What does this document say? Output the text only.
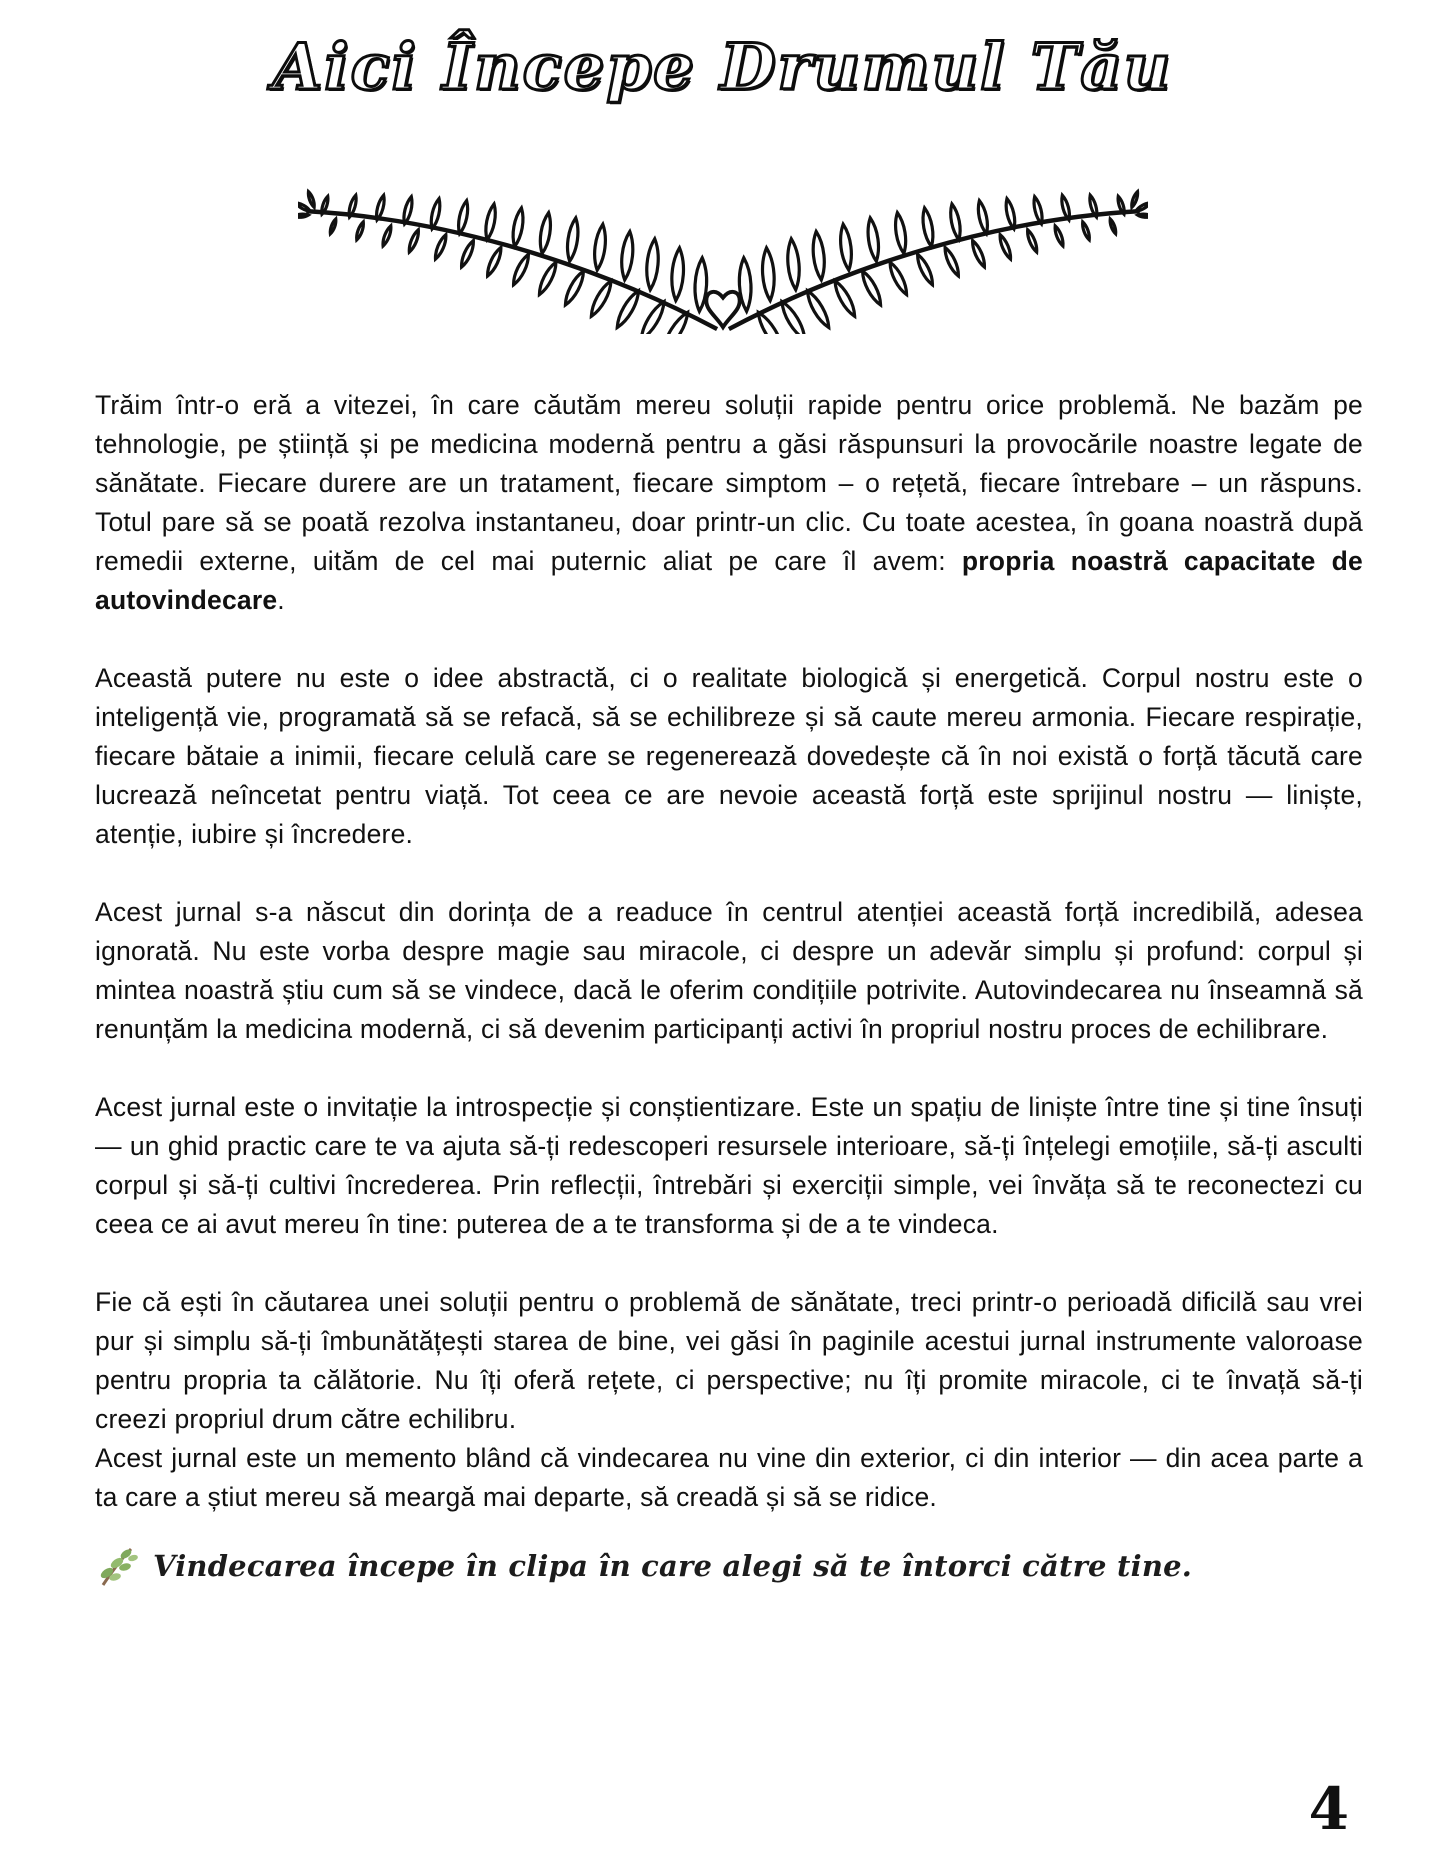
Aici Începe Drumul Tău

Trăim într-o eră a vitezei, în care căutăm mereu soluții rapide pentru orice problemă. Ne bazăm pe tehnologie, pe știință și pe medicina modernă pentru a găsi răspunsuri la provocările noastre legate de sănătate. Fiecare durere are un tratament, fiecare simptom – o rețetă, fiecare întrebare – un răspuns. Totul pare să se poată rezolva instantaneu, doar printr-un clic. Cu toate acestea, în goana noastră după remedii externe, uităm de cel mai puternic aliat pe care îl avem: propria noastră capacitate de autovindecare.

Această putere nu este o idee abstractă, ci o realitate biologică și energetică. Corpul nostru este o inteligență vie, programată să se refacă, să se echilibreze și să caute mereu armonia. Fiecare respirație, fiecare bătaie a inimii, fiecare celulă care se regenerează dovedește că în noi există o forță tăcută care lucrează neîncetat pentru viață. Tot ceea ce are nevoie această forță este sprijinul nostru — liniște, atenție, iubire și încredere.

Acest jurnal s-a născut din dorința de a readuce în centrul atenției această forță incredibilă, adesea ignorată. Nu este vorba despre magie sau miracole, ci despre un adevăr simplu și profund: corpul și mintea noastră știu cum să se vindece, dacă le oferim condițiile potrivite. Autovindecarea nu înseamnă să renunțăm la medicina modernă, ci să devenim participanți activi în propriul nostru proces de echilibrare.

Acest jurnal este o invitație la introspecție și conștientizare. Este un spațiu de liniște între tine și tine însuți — un ghid practic care te va ajuta să-ți redescoperi resursele interioare, să-ți înțelegi emoțiile, să-ți asculti corpul și să-ți cultivi încrederea. Prin reflecții, întrebări și exerciții simple, vei învăța să te reconectezi cu ceea ce ai avut mereu în tine: puterea de a te transforma și de a te vindeca.

Fie că ești în căutarea unei soluții pentru o problemă de sănătate, treci printr-o perioadă dificilă sau vrei pur și simplu să-ți îmbunătățești starea de bine, vei găsi în paginile acestui jurnal instrumente valoroase pentru propria ta călătorie. Nu îți oferă rețete, ci perspective; nu îți promite miracole, ci te învață să-ți creezi propriul drum către echilibru.

Acest jurnal este un memento blând că vindecarea nu vine din exterior, ci din interior — din acea parte a ta care a știut mereu să meargă mai departe, să creadă și să se ridice.

Vindecarea începe în clipa în care alegi să te întorci către tine.
4
